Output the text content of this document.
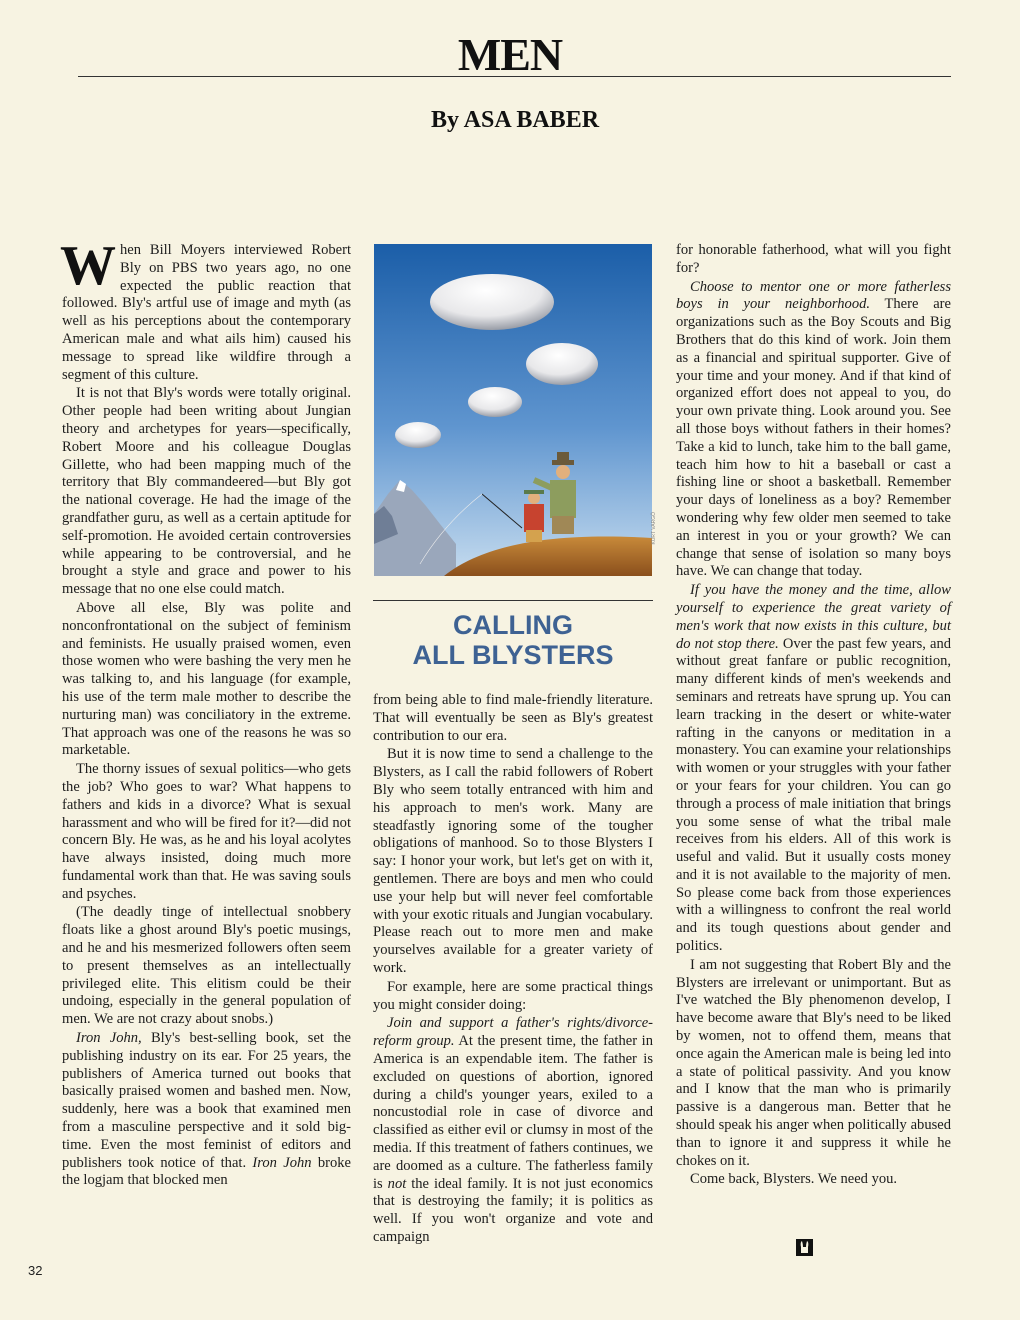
MEN
By ASA BABER

When Bill Moyers interviewed Robert Bly on PBS two years ago, no one expected the public reaction that followed. Bly's artful use of image and myth (as well as his perceptions about the contemporary American male and what ails him) caused his message to spread like wildfire through a segment of this culture.

It is not that Bly's words were totally original. Other people had been writing about Jungian theory and archetypes for years—specifically, Robert Moore and his colleague Douglas Gillette, who had been mapping much of the territory that Bly commandeered—but Bly got the national coverage. He had the image of the grandfather guru, as well as a certain aptitude for self-promotion. He avoided certain controversies while appearing to be controversial, and he brought a style and grace and power to his message that no one else could match.

Above all else, Bly was polite and nonconfrontational on the subject of feminism and feminists. He usually praised women, even those women who were bashing the very men he was talking to, and his language (for example, his use of the term male mother to describe the nurturing man) was conciliatory in the extreme. That approach was one of the reasons he was so marketable.

The thorny issues of sexual politics—who gets the job? Who goes to war? What happens to fathers and kids in a divorce? What is sexual harassment and who will be fired for it?—did not concern Bly. He was, as he and his loyal acolytes have always insisted, doing much more fundamental work than that. He was saving souls and psyches.

(The deadly tinge of intellectual snobbery floats like a ghost around Bly's poetic musings, and he and his mesmerized followers often seem to present themselves as an intellectually privileged elite. This elitism could be their undoing, especially in the general population of men. We are not crazy about snobs.)

Iron John, Bly's best-selling book, set the publishing industry on its ear. For 25 years, the publishers of America turned out books that basically praised women and bashed men. Now, suddenly, here was a book that examined men from a masculine perspective and it sold big-time. Even the most feminist of editors and publishers took notice of that. Iron John broke the logjam that blocked men

KURT VARGÖ
CALLING
ALL BLYSTERS

from being able to find male-friendly literature. That will eventually be seen as Bly's greatest contribution to our era.

But it is now time to send a challenge to the Blysters, as I call the rabid followers of Robert Bly who seem totally entranced with him and his approach to men's work. Many are steadfastly ignoring some of the tougher obligations of manhood. So to those Blysters I say: I honor your work, but let's get on with it, gentlemen. There are boys and men who could use your help but will never feel comfortable with your exotic rituals and Jungian vocabulary. Please reach out to more men and make yourselves available for a greater variety of work.

For example, here are some practical things you might consider doing:

Join and support a father's rights/divorce-reform group. At the present time, the father in America is an expendable item. The father is excluded on questions of abortion, ignored during a child's younger years, exiled to a noncustodial role in case of divorce and classified as either evil or clumsy in most of the media. If this treatment of fathers continues, we are doomed as a culture. The fatherless family is not the ideal family. It is not just economics that is destroying the family; it is politics as well. If you won't organize and vote and campaign

for honorable fatherhood, what will you fight for?

Choose to mentor one or more fatherless boys in your neighborhood. There are organizations such as the Boy Scouts and Big Brothers that do this kind of work. Join them as a financial and spiritual supporter. Give of your time and your money. And if that kind of organized effort does not appeal to you, do your own private thing. Look around you. See all those boys without fathers in their homes? Take a kid to lunch, take him to the ball game, teach him how to hit a baseball or cast a fishing line or shoot a basketball. Remember your days of loneliness as a boy? Remember wondering why few older men seemed to take an interest in you or your growth? We can change that sense of isolation so many boys have. We can change that today.

If you have the money and the time, allow yourself to experience the great variety of men's work that now exists in this culture, but do not stop there. Over the past few years, and without great fanfare or public recognition, many different kinds of men's weekends and seminars and retreats have sprung up. You can learn tracking in the desert or white-water rafting in the canyons or meditation in a monastery. You can examine your relationships with women or your struggles with your father or your fears for your children. You can go through a process of male initiation that brings you some sense of what the tribal male receives from his elders. All of this work is useful and valid. But it usually costs money and it is not available to the majority of men. So please come back from those experiences with a willingness to confront the real world and its tough questions about gender and politics.

I am not suggesting that Robert Bly and the Blysters are irrelevant or unimportant. But as I've watched the Bly phenomenon develop, I have become aware that Bly's need to be liked by women, not to offend them, means that once again the American male is being led into a state of political passivity. And you know and I know that the man who is primarily passive is a dangerous man. Better that he should speak his anger when politically abused than to ignore it and suppress it while he chokes on it.

Come back, Blysters. We need you.

32
